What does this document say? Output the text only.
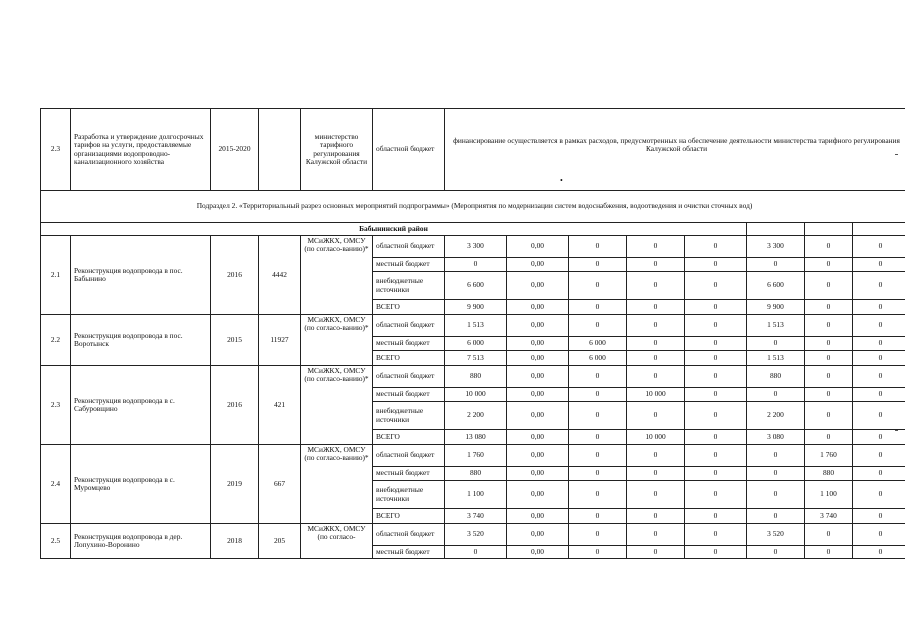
2.3	Разработка и утверждение долгосрочных тарифов на услуги, предоставляемые организациями водопроводно-канализационного хозяйства	2015-2020		министерство тарифного регулирования Калужской области	областной бюджет	финансирование осуществляется в рамках расходов, предусмотренных на обеспечение деятельности министерства тарифного регулирования Калужской области							
Подраздел 2. «Территориальный разрез основных мероприятий подпрограммы» (Мероприятия по модернизации систем водоснабжения, водоотведения и очистки сточных вод)													
Бабынинский район													
2.1	Реконструкция водопровода в пос. Бабынино	2016	4442	МСиЖКХ, ОМСУ (по согласо-ванию)*	областной бюджет	3 300	0,00	0	0	0	3 300	0	0
					местный бюджет	0	0,00	0	0	0	0	0	0
					внебюджетные источники	6 600	0,00	0	0	0	6 600	0	0
					ВСЕГО	9 900	0,00	0	0	0	9 900	0	0
2.2	Реконструкция водопровода в пос. Воротынск	2015	11927	МСиЖКХ, ОМСУ (по согласо-ванию)*	областной бюджет	1 513	0,00	0	0	0	1 513	0	0
					местный бюджет	6 000	0,00	6 000	0	0	0	0	0
					ВСЕГО	7 513	0,00	6 000	0	0	1 513	0	0
2.3	Реконструкция водопровода в с. Сабуровщино	2016	421	МСиЖКХ, ОМСУ (по согласо-ванию)*	областной бюджет	880	0,00	0	0	0	880	0	0
					местный бюджет	10 000	0,00	0	10 000	0	0	0	0
					внебюджетные источники	2 200	0,00	0	0	0	2 200	0	0
					ВСЕГО	13 080	0,00	0	10 000	0	3 080	0	0
2.4	Реконструкция водопровода в с. Муромцево	2019	667	МСиЖКХ, ОМСУ (по согласо-ванию)*	областной бюджет	1 760	0,00	0	0	0	0	1 760	0
					местный бюджет	880	0,00	0	0	0	0	880	0
					внебюджетные источники	1 100	0,00	0	0	0	0	1 100	0
					ВСЕГО	3 740	0,00	0	0	0	0	3 740	0
2.5	Реконструкция водопровода в дер. Лопухино-Воронино	2018	205	МСиЖКХ, ОМСУ (по согласо-	областной бюджет	3 520	0,00	0	0	0	3 520	0	0
					местный бюджет	0	0,00	0	0	0	0	0	0
•
